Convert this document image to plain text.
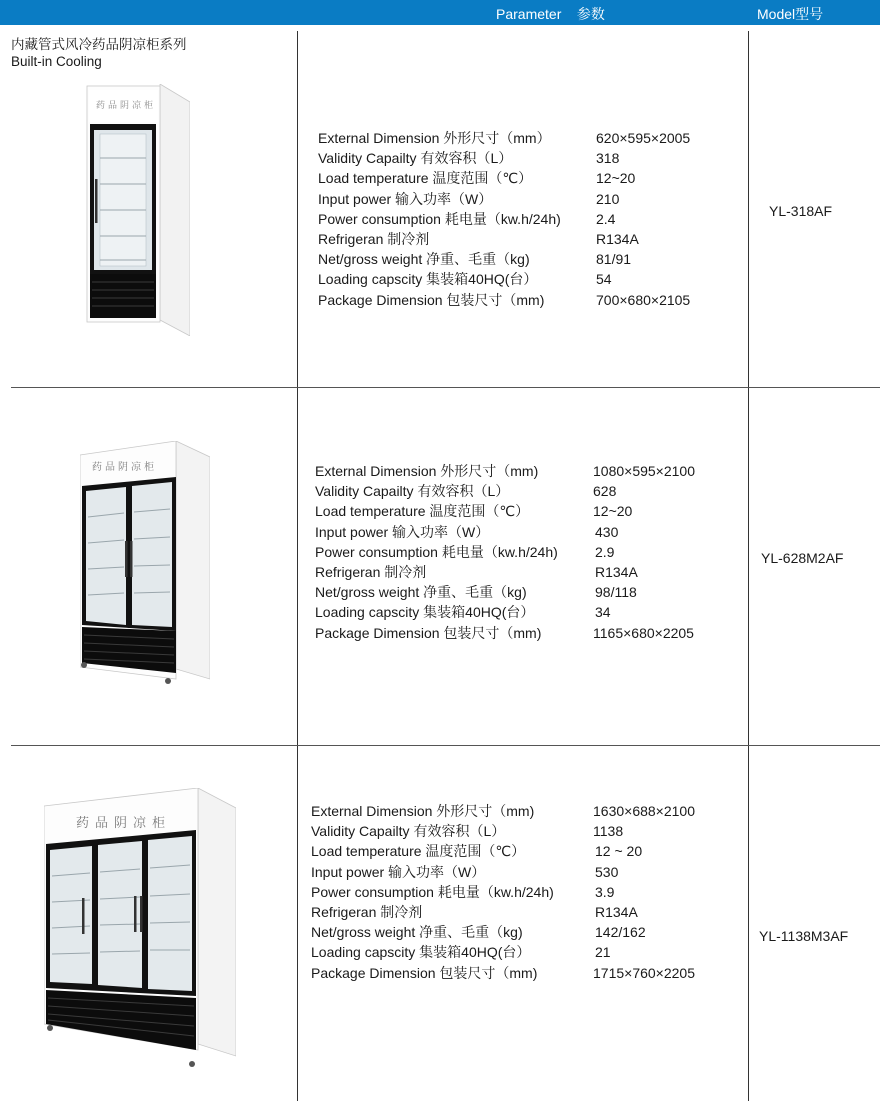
Parameter    参数	Model型号
内藏管式风冷药品阴凉柜系列
Built-in Cooling
药品阴凉柜
药品阴凉柜
药品阴凉柜
External Dimension 外形尺寸（mm）	620×595×2005
Validity Capailty 有效容积（L）	318
Load temperature 温度范围（℃）	12~20
Input power 输入功率（W）	210
Power consumption 耗电量（kw.h/24h)	2.4
Refrigeran 制冷剂	R134A
Net/gross weight 净重、毛重（kg)	81/91
Loading capscity 集装箱40HQ(台）	54
Package Dimension 包装尺寸（mm)	700×680×2105
YL-318AF
External Dimension 外形尺寸（mm)	1080×595×2100
Validity Capailty 有效容积（L）	628
Load temperature 温度范围（℃）	12~20
Input power 输入功率（W）	430
Power consumption 耗电量（kw.h/24h)	2.9
Refrigeran 制冷剂	R134A
Net/gross weight 净重、毛重（kg)	98/118
Loading capscity 集装箱40HQ(台）	34
Package Dimension 包装尺寸（mm)	1165×680×2205
YL-628M2AF
External Dimension 外形尺寸（mm)	1630×688×2100
Validity Capailty 有效容积（L）	1138
Load temperature 温度范围（℃）	12 ~ 20
Input power 输入功率（W）	530
Power consumption 耗电量（kw.h/24h)	3.9
Refrigeran 制冷剂	R134A
Net/gross weight 净重、毛重（kg)	142/162
Loading capscity 集装箱40HQ(台）	21
Package Dimension 包装尺寸（mm)	1715×760×2205
YL-1138M3AF
